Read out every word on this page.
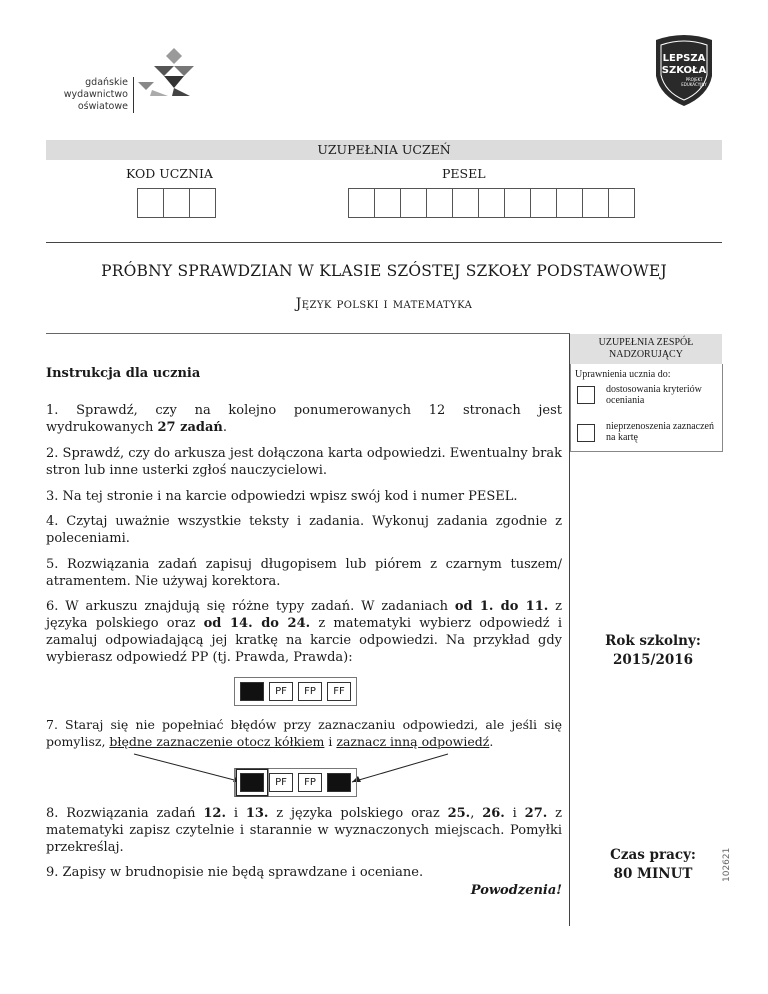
gdańskie
wydawnictwo
oświatowe
LEPSZA
SZKOŁA
PROJEKT
EDUKACYJNY
UZUPEŁNIA UCZEŃ
KOD UCZNIA	PESEL
PRÓBNY SPRAWDZIAN W KLASIE SZÓSTEJ SZKOŁY PODSTAWOWEJ
Język polski i matematyka
UZUPEŁNIA ZESPÓŁ NADZORUJĄCY
Uprawnienia ucznia do:
dostosowania kryteriów oceniania
nieprzenoszenia zaznaczeń na kartę
Rok szkolny:
2015/2016
Czas pracy:
80 MINUT	102621
Instrukcja dla ucznia
1. Sprawdź, czy na kolejno ponumerowanych 12 stronach jest wydrukowanych 27 zadań.
2. Sprawdź, czy do arkusza jest dołączona karta odpowiedzi. Ewentualny brak stron lub inne usterki zgłoś nauczycielowi.
3. Na tej stronie i na karcie odpowiedzi wpisz swój kod i numer PESEL.
4. Czytaj uważnie wszystkie teksty i zadania. Wykonuj zadania zgodnie z poleceniami.
5. Rozwiązania zadań zapisuj długopisem lub piórem z czarnym tuszem/ atramentem. Nie używaj korektora.
6. W arkuszu znajdują się różne typy zadań. W zadaniach od 1. do 11. z języka polskiego oraz od 14. do 24. z matematyki wybierz odpowiedź i zamaluj odpowiadającą jej kratkę na karcie odpowiedzi. Na przykład gdy wybierasz odpowiedź PP (tj. Prawda, Prawda):
PF	FP	FF
7. Staraj się nie popełniać błędów przy zaznaczaniu odpowiedzi, ale jeśli się pomylisz, błędne zaznaczenie otocz kółkiem i zaznacz inną odpowiedź.
PF	FP
8. Rozwiązania zadań 12. i 13. z języka polskiego oraz 25., 26. i 27. z matematyki zapisz czytelnie i starannie w wyznaczonych miejscach. Pomyłki przekreślaj.
9. Zapisy w brudnopisie nie będą sprawdzane i oceniane.
Powodzenia!
